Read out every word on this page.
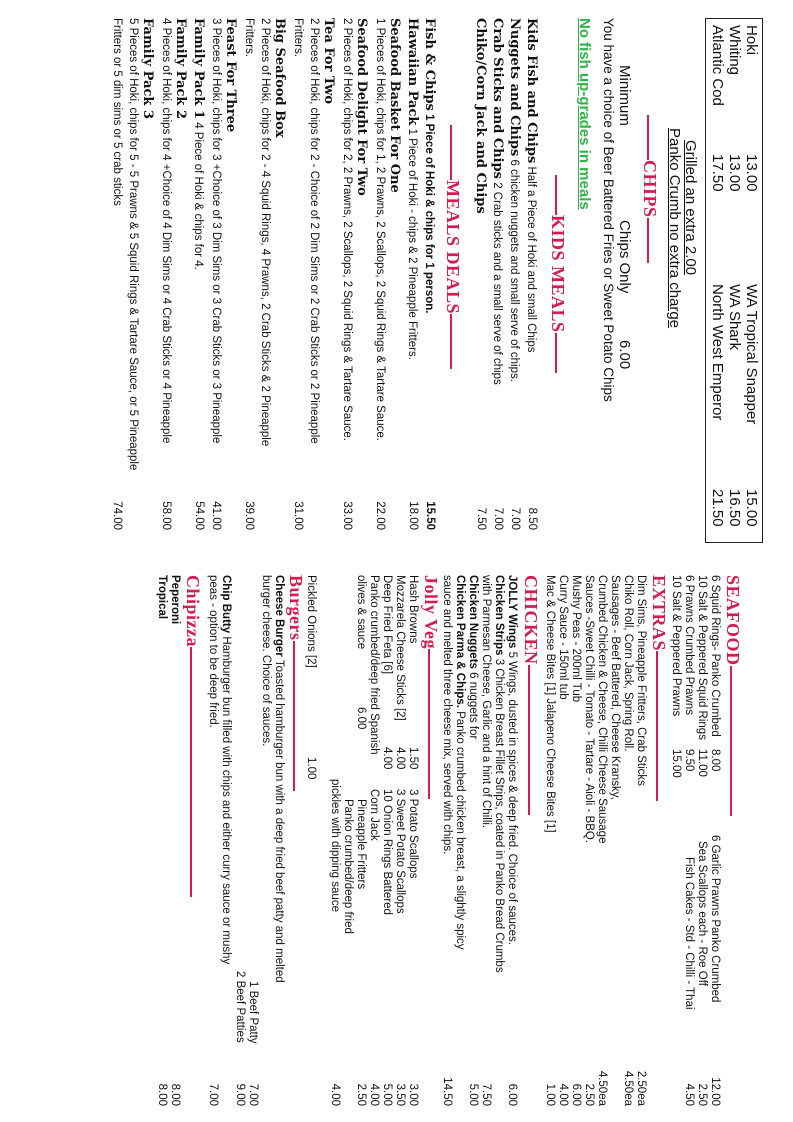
Hoki
13.00
WA Tropical Snapper
15.00
Whiting
13.00
WA Shark
16.50
Atlantic Cod
17.50
North West Emperor
21.50
Grilled an extra 2.00
Panko Crumb no extra charge
CHIPS
Minimum
Chips Only
6.00
You have a choice of Beer Battered Fries or Sweet Potato Chips
No fish up-grades in meals
KIDS MEALS
Kids Fish and Chips Half a Piece of Hoki and small Chips
8.50
Nuggets and Chips 6 chicken nuggets and small serve of chips.
7.00
Crab Sticks and Chips 2 Crab sticks and a small serve of chips
7.00
Chiko/Corn Jack and Chips
7.50
MEALS DEALS
Fish & Chips 1 Piece of Hoki & chips for 1 person.
15.50
Hawaiian Pack 1 Piece of Hoki - chips & 2 Pineapple Fritters.
18.00
Seafood Basket For One
1 Pieces of Hoki, chips for 1, 2 Prawns, 2 Scallops, 2 Squid Rings & Tartare Sauce.
22.00
Seafood Delight For Two
2 Pieces of Hoki, chips for 2, 2 Prawns, 2 Scallops, 2 Squid Rings & Tartare Sauce.
33.00
Tea For Two
2 Pieces of Hoki, chips for 2 - Choice of 2 Dim Sims or 2 Crab Sticks or 2 Pineapple
Fritters.
31.00
Big Seafood Box
2 Pieces of Hoki, chips for 2 - 4 Squid Rings, 4 Prawns, 2 Crab Sticks & 2 Pineapple
Fritters.
39.00
Feast For Three
3 Pieces of Hoki, chips for 3 +Choice of 3 Dim Sims or 3 Crab Sticks or 3 Pineapple
41.00
Family Pack 1 4 Piece of Hoki & chips for 4.
54.00
Family Pack 2
4 Pieces of Hoki, chips for 4 +Choice of 4 Dim Sims or 4 Crab Sticks or 4 Pineapple
58.00
Family Pack 3
5 Pieces of Hoki, chips for 5 - 5 Prawns & 5 Squid Rings & Tartare Sauce, or 5 Pineapple
Fritters or 5 dim sims or 5 crab sticks
74.00
SEAFOOD
6 Squid Rings- Panko Crumbed
8.00
6 Garlic Prawns Panko Crumbed
12.00
10 Salt & Peppered Squid Rings
11.00
Sea Scallops each - Roe Off
2.50
6 Prawns Crumbed Prawns
9.50
Fish Cakes - Std - Chilli - Thai
4.50
10 Salt & Peppered Prawns
15.00
EXTRAS
Dim Sims, Pineapple Fritters, Crab Sticks
2.50ea
Chiko Roll, Corn Jack, Spring Roll.
4.50ea
Sausages - Beef Battered, Cheese Kransky,
Crumbed Chicken & Cheese, Chilli Cheese Sausage
4.50ea
Sauces -Sweet Chilli - Tomato - Tartare - Aioli - BBQ.
2.50
Mushy Peas - 200ml Tub
6.00
Curry Sauce - 150ml tub
4.00
Mac & Cheese Bites [1] Jalapeno Cheese Bites [1]
1.00
CHICKEN
JOLLY Wings 5 Wings, dusted in spices & deep fried. Choice of sauces.
6.00
Chicken Strips 3 Chicken Breast Fillet Strips, coated in Panko Bread Crumbs
with Parmesan Cheese, Garlic and a hint of Chilli.
7.50
Chicken Nuggets 6 nuggets for
5.00
Chicken Parma & Chips. Panko crumbed chicken breast, a slightly spicy
sauce and melted three cheese mix, served with chips.
14.50
Jolly Veg
Hash Browns
1.50
3 Potato Scallops
3.00
Mozzarela Cheese Sticks [2]
4.00
3 Sweet Potato Scallops
3.50
Deep Fried Feta [6]
4.00
10 Onion Rings Battered
5.00
Panko crumbed/deep fried Spanish
Corn Jack
4.00
olives & sauce
6.00
Pineapple Fritters
2.50
Panko crumbed/deep fried
pickles with dipping sauce
4.00
Pickled Onions [2]
1.00
Burgers
Cheese Burger Toasted hamburger bun with a deep fried beef patty and melted
burger cheese. Choice of sauces.
1 Beef Patty
7.00
2 Beef Patties
9.00
Chip Butty Hamburger bun filled with chips and either curry sauce or mushy
peas - option to be deep fried.
7.00
Chipizza
Peperoni
8.00
Tropical
8.00
